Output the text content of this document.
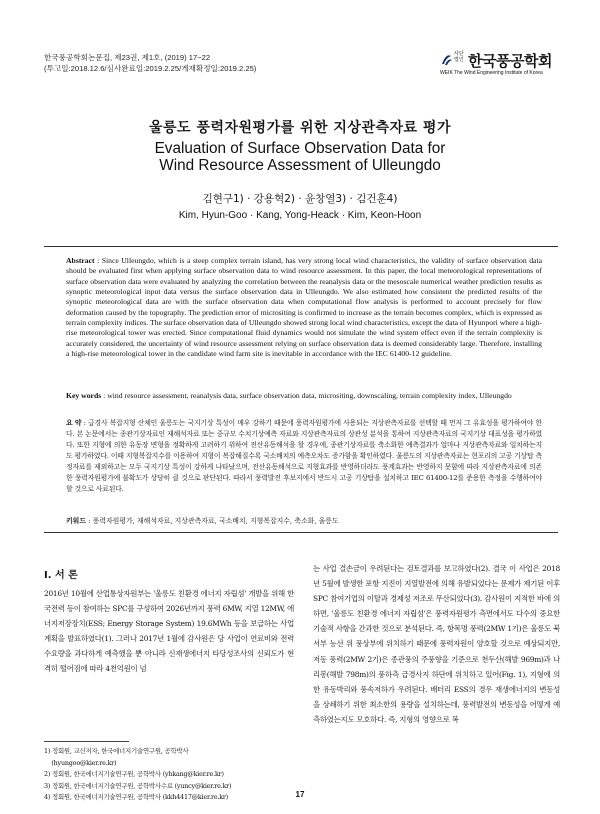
한국풍공학회논문집, 제23권, 제1호, (2019) 17~22
(투고일:2018.12.6/심사완료일:2019.2.25/게재확정일:2019.2.25)
사단
법인 한국풍공학회
WEIK The Wind Engineering Institute of Korea
울릉도 풍력자원평가를 위한 지상관측자료 평가
Evaluation of Surface Observation Data for
Wind Resource Assessment of Ulleungdo
김현구1) · 강용혁2) · 윤창열3) · 김건훈4)
Kim, Hyun-Goo · Kang, Yong-Heack · Kim, Keon-Hoon
Abstract : Since Ulleungdo, which is a steep complex terrain island, has very strong local wind characteristics, the validity of surface observation data should be evaluated first when applying surface observation data to wind resource assessment. In this paper, the local meteorological representations of surface observation data were evaluated by analyzing the correlation between the reanalysis data or the mesoscale numerical weather prediction results as synoptic meteorological input data versus the surface observation data in Ulleungdo. We also estimated how consistent the predicted results of the synoptic meteorological data are with the surface observation data when computational flow analysis is performed to account precisely for flow deformation caused by the topography. The prediction error of micrositing is confirmed to increase as the terrain becomes complex, which is expressed as terrain complexity indices. The surface observation data of Ulleungdo showed strong local wind characteristics, except the data of Hyunpori where a high-rise meteorological tower was erected. Since computational fluid dynamics would not simulate the wind system effect even if the terrain complexity is accurately considered, the uncertainty of wind resource assessment relying on surface observation data is deemed considerably large. Therefore, installing a high-rise meteorological tower in the candidate wind farm site is inevitable in accordance with the IEC 61400-12 guideline.
Key words : wind resource assessment, reanalysis data, surface observation data, micrositing, downscaling, terrain complexity index, Ulleungdo
요 약 : 급경사 복잡지형 산체인 울릉도는 국지기상 특성이 매우 강하기 때문에 풍력자원평가에 사용되는 지상관측자료를 선택할 때 먼저 그 유효성을 평가하여야 한다. 본 논문에서는 종관기상자료인 재해석자료 또는 중규모 수치기상예측 자료와 지상관측자료의 상관성 분석을 통하여 지상관측자료의 국지기상 대표성을 평가하였다. 또한 지형에 의한 유동장 변형을 정확하게 고려하기 위하여 전산유동해석을 할 경우에, 종관기상자료를 축소화한 예측결과가 얼마나 지상관측자료와 일치하는지도 평가하였다. 이때 지형복잡지수를 이용하여 지형이 복잡해질수록 국소배치의 예측오차도 증가함을 확인하였다. 울릉도의 지상관측자료는 현포리의 고공 기상탑 측정자료를 제외하고는 모두 국지기상 특성이 강하게 나타났으며, 전산유동해석으로 지형효과를 반영하더라도 풍계효과는 반영하지 못함에 따라 지상관측자료에 의존한 풍력자원평가에 불확도가 상당히 클 것으로 판단된다. 따라서 풍력발전 후보지에서 반드시 고공 기상탑을 설치하고 IEC 61400-12를 준용한 측정을 수행하여야 할 것으로 사료된다.
키워드 : 풍력자원평가, 재해석자료, 지상관측자료, 국소배치, 지형복잡지수, 축소화, 울릉도
I. 서 론
2016년 10월에 산업통상자원부는 '울릉도 친환경 에너지 자립섬' 개발을 위해 한국전력 등이 참여하는 SPC를 구성하여 2026년까지 풍력 6MW, 지열 12MW, 에너지저장장치(ESS; Energy Storage System) 19.6MWh 등을 보급하는 사업계획을 발표하였다(1). 그러나 2017년 1월에 감사원은 당 사업이 연료비와 전력수요량을 과다하게 예측했을 뿐 아니라 신재생에너지 타당성조사의 신뢰도가 현격히 떨어짐에 따라 4천억원이 넘
는 사업 결손금이 우려된다는 검토결과를 보고하였다(2). 결국 이 사업은 2018년 5월에 발생한 포항 지진이 지열발전에 의해 유발되었다는 문제가 제기된 이후 SPC 참여기업의 이탈과 경제성 저조로 무산되었다(3). 감사원이 지적한 바에 의하면, '울릉도 친환경 에너지 자립섬'은 풍력자원평가 측면에서도 다수의 중요한 기술적 사항을 간과한 것으로 분석된다. 즉, 항목명 풍력(2MW 1기)은 울릉도 북서부 능선 위 풍상부에 위치하기 때문에 풍력자원이 양호할 것으로 예상되지만, 저동 풍력(2MW 2기)은 종관풍의 주풍향을 기준으로 천두산(해발 969m)과 나리봉(해발 798m)의 풍하측 급경사지 하단에 위치하고 있어(Fig. 1), 지형에 의한 유동박리와 풍속저하가 우려된다. 배터리 ESS의 경우 재생에너지의 변동성을 상쇄하기 위한 최소한의 용량을 설치하는데, 풍력발전의 변동성을 어떻게 예측하였는지도 모호하다. 즉, 지형의 영향으로 복
1) 정회원, 교신저자, 한국에너지기술연구원, 공학박사
(hyungoo@kier.re.kr)
2) 정회원, 한국에너지기술연구원, 공학박사 (yhkang@kier.re.kr)
3) 정회원, 한국에너지기술연구원, 공학박사수료 (yuncy@kier.re.kr)
4) 정회원, 한국에너지기술연구원, 공학박사 (kkh4417@kier.re.kr)	17
